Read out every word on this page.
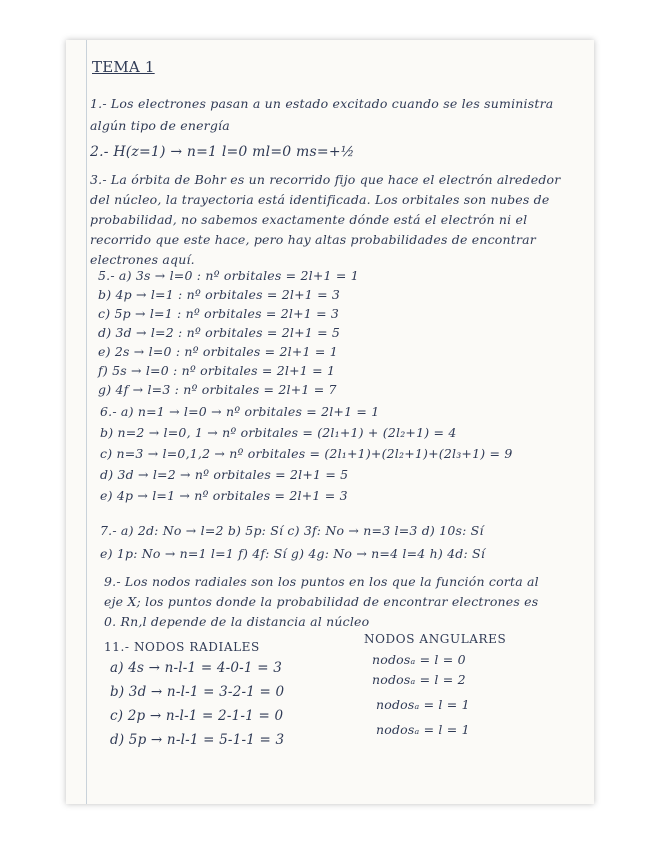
TEMA 1
1.- Los electrones pasan a un estado excitado cuando se les suministra
algún tipo de energía
2.- H(z=1) → n=1 l=0 ml=0 ms=+½
3.- La órbita de Bohr es un recorrido fijo que hace el electrón alrededor
del núcleo, la trayectoria está identificada. Los orbitales son nubes de
probabilidad, no sabemos exactamente dónde está el electrón ni el
recorrido que este hace, pero hay altas probabilidades de encontrar
electrones aquí.
5.- a) 3s → l=0 : nº orbitales = 2l+1 = 1
b) 4p → l=1 : nº orbitales = 2l+1 = 3
c) 5p → l=1 : nº orbitales = 2l+1 = 3
d) 3d → l=2 : nº orbitales = 2l+1 = 5
e) 2s → l=0 : nº orbitales = 2l+1 = 1
f) 5s → l=0 : nº orbitales = 2l+1 = 1
g) 4f → l=3 : nº orbitales = 2l+1 = 7
6.- a) n=1 → l=0 → nº orbitales = 2l+1 = 1
b) n=2 → l=0, 1 → nº orbitales = (2l₁+1) + (2l₂+1) = 4
c) n=3 → l=0,1,2 → nº orbitales = (2l₁+1)+(2l₂+1)+(2l₃+1) = 9
d) 3d → l=2 → nº orbitales = 2l+1 = 5
e) 4p → l=1 → nº orbitales = 2l+1 = 3
7.- a) 2d: No → l=2 b) 5p: Sí c) 3f: No → n=3 l=3 d) 10s: Sí
e) 1p: No → n=1 l=1 f) 4f: Sí g) 4g: No → n=4 l=4 h) 4d: Sí
9.- Los nodos radiales son los puntos en los que la función corta al
eje X; los puntos donde la probabilidad de encontrar electrones es
0. Rn,l depende de la distancia al núcleo
11.- NODOS RADIALES
a) 4s → n-l-1 = 4-0-1 = 3
b) 3d → n-l-1 = 3-2-1 = 0
c) 2p → n-l-1 = 2-1-1 = 0
d) 5p → n-l-1 = 5-1-1 = 3
NODOS ANGULARES
nodosₐ = l = 0
nodosₐ = l = 2
nodosₐ = l = 1
nodosₐ = l = 1
